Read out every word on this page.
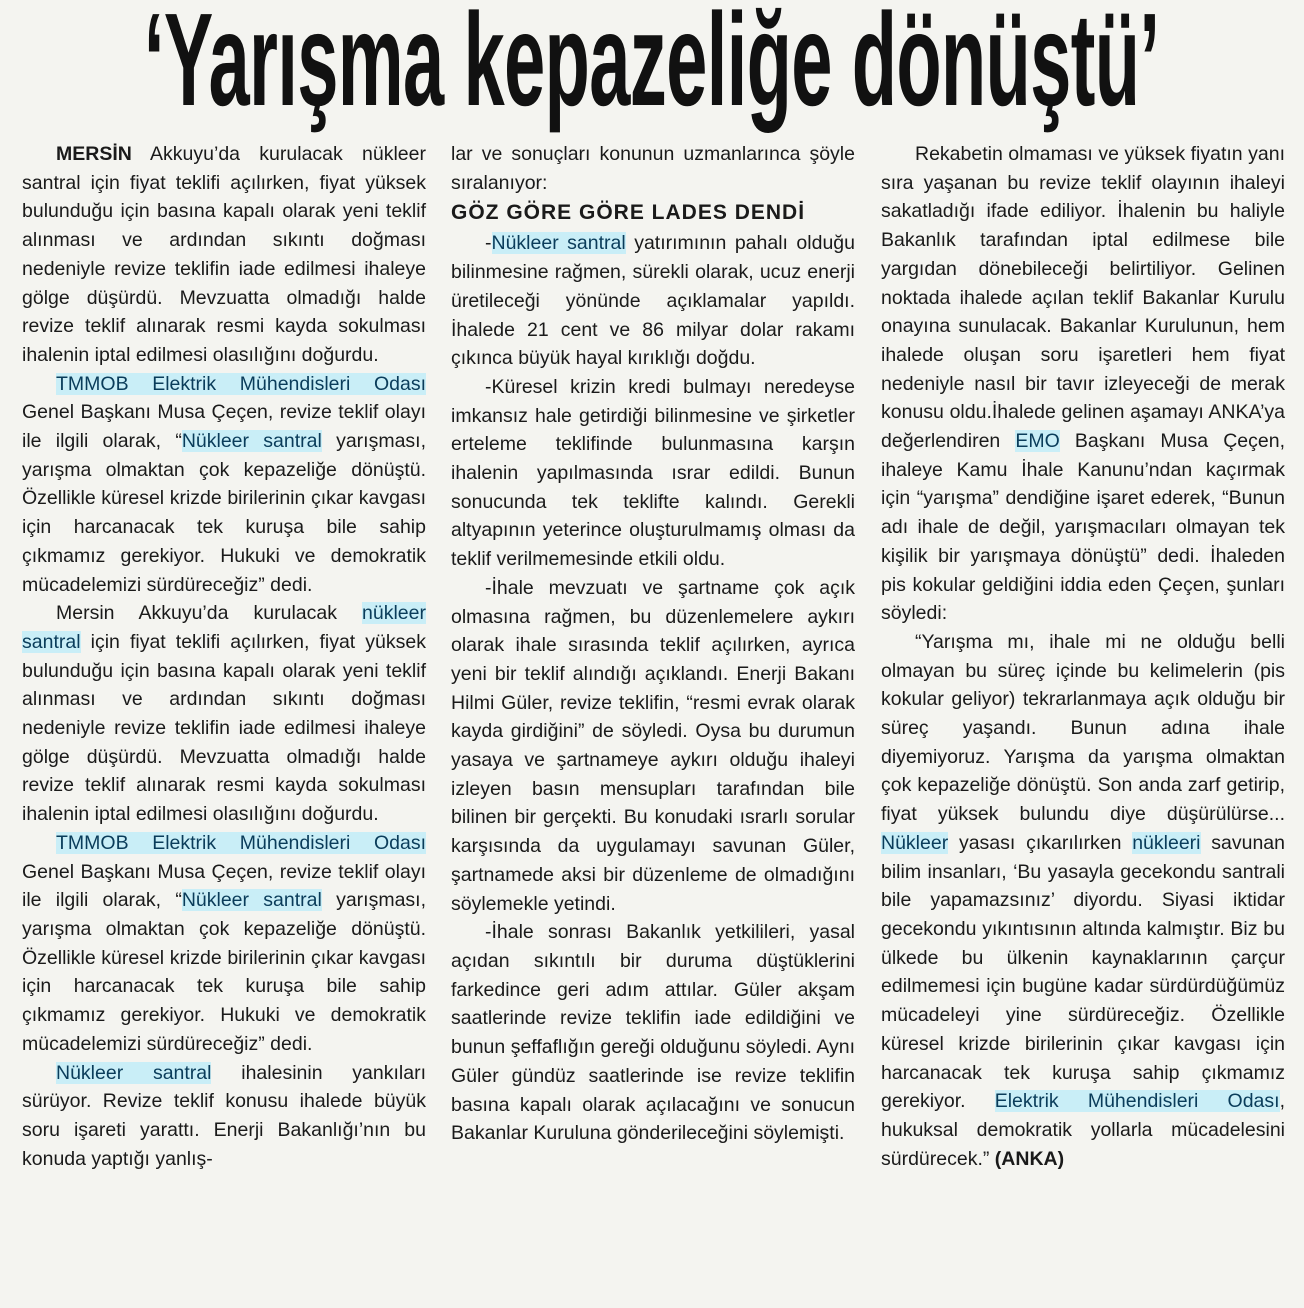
‘Yarışma kepazeliğe dönüştü’

MERSİN Akkuyu’da kurulacak nükleer santral için fiyat teklifi açılırken, fiyat yüksek bulunduğu için basına kapalı olarak yeni teklif alınması ve ardından sıkıntı doğması nedeniyle revize teklifin iade edilmesi ihaleye gölge düşürdü. Mevzuatta olmadığı halde revize teklif alınarak resmi kayda sokulması ihalenin iptal edilmesi olasılığını doğurdu.

TMMOB Elektrik Mühendisleri Odası Genel Başkanı Musa Çeçen, revize teklif olayı ile ilgili olarak, “Nükleer santral yarışması, yarışma olmaktan çok kepazeliğe dönüştü. Özellikle küresel krizde birilerinin çıkar kavgası için harcanacak tek kuruşa bile sahip çıkmamız gerekiyor. Hukuki ve demokratik mücadelemizi sürdüreceğiz” dedi.

Mersin Akkuyu’da kurulacak nükleer santral için fiyat teklifi açılırken, fiyat yüksek bulunduğu için basına kapalı olarak yeni teklif alınması ve ardından sıkıntı doğması nedeniyle revize teklifin iade edilmesi ihaleye gölge düşürdü. Mevzuatta olmadığı halde revize teklif alınarak resmi kayda sokulması ihalenin iptal edilmesi olasılığını doğurdu.

TMMOB Elektrik Mühendisleri Odası Genel Başkanı Musa Çeçen, revize teklif olayı ile ilgili olarak, “Nükleer santral yarışması, yarışma olmaktan çok kepazeliğe dönüştü. Özellikle küresel krizde birilerinin çıkar kavgası için harcanacak tek kuruşa bile sahip çıkmamız gerekiyor. Hukuki ve demokratik mücadelemizi sürdüreceğiz” dedi.

Nükleer santral ihalesinin yankıları sürüyor. Revize teklif konusu ihalede büyük soru işareti yarattı. Enerji Bakanlığı’nın bu konuda yaptığı yanlış-

lar ve sonuçları konunun uzmanlarınca şöyle sıralanıyor:

GÖZ GÖRE GÖRE LADES DENDİ

-Nükleer santral yatırımının pahalı olduğu bilinmesine rağmen, sürekli olarak, ucuz enerji üretileceği yönünde açıklamalar yapıldı. İhalede 21 cent ve 86 milyar dolar rakamı çıkınca büyük hayal kırıklığı doğdu.

-Küresel krizin kredi bulmayı neredeyse imkansız hale getirdiği bilinmesine ve şirketler erteleme teklifinde bulunmasına karşın ihalenin yapılmasında ısrar edildi. Bunun sonucunda tek teklifte kalındı. Gerekli altyapının yeterince oluşturulmamış olması da teklif verilmemesinde etkili oldu.

-İhale mevzuatı ve şartname çok açık olmasına rağmen, bu düzenlemelere aykırı olarak ihale sırasında teklif açılırken, ayrıca yeni bir teklif alındığı açıklandı. Enerji Bakanı Hilmi Güler, revize teklifin, “resmi evrak olarak kayda girdiğini” de söyledi. Oysa bu durumun yasaya ve şartnameye aykırı olduğu ihaleyi izleyen basın mensupları tarafından bile bilinen bir gerçekti. Bu konudaki ısrarlı sorular karşısında da uygulamayı savunan Güler, şartnamede aksi bir düzenleme de olmadığını söylemekle yetindi.

-İhale sonrası Bakanlık yetkilileri, yasal açıdan sıkıntılı bir duruma düştüklerini farkedince geri adım attılar. Güler akşam saatlerinde revize teklifin iade edildiğini ve bunun şeffaflığın gereği olduğunu söyledi. Aynı Güler gündüz saatlerinde ise revize teklifin basına kapalı olarak açılacağını ve sonucun Bakanlar Kuruluna gönderileceğini söylemişti.

Rekabetin olmaması ve yüksek fiyatın yanı sıra yaşanan bu revize teklif olayının ihaleyi sakatladığı ifade ediliyor. İhalenin bu haliyle Bakanlık tarafından iptal edilmese bile yargıdan dönebileceği belirtiliyor. Gelinen noktada ihalede açılan teklif Bakanlar Kurulu onayına sunulacak. Bakanlar Kurulunun, hem ihalede oluşan soru işaretleri hem fiyat nedeniyle nasıl bir tavır izleyeceği de merak konusu oldu.İhalede gelinen aşamayı ANKA’ya değerlendiren EMO Başkanı Musa Çeçen, ihaleye Kamu İhale Kanunu’ndan kaçırmak için “yarışma” dendiğine işaret ederek, “Bunun adı ihale de değil, yarışmacıları olmayan tek kişilik bir yarışmaya dönüştü” dedi. İhaleden pis kokular geldiğini iddia eden Çeçen, şunları söyledi:

“Yarışma mı, ihale mi ne olduğu belli olmayan bu süreç içinde bu kelimelerin (pis kokular geliyor) tekrarlanmaya açık olduğu bir süreç yaşandı. Bunun adına ihale diyemiyoruz. Yarışma da yarışma olmaktan çok kepazeliğe dönüştü. Son anda zarf getirip, fiyat yüksek bulundu diye düşürülürse... Nükleer yasası çıkarılırken nükleeri savunan bilim insanları, ‘Bu yasayla gecekondu santrali bile yapamazsınız’ diyordu. Siyasi iktidar gecekondu yıkıntısının altında kalmıştır. Biz bu ülkede bu ülkenin kaynaklarının çarçur edilmemesi için bugüne kadar sürdürdüğümüz mücadeleyi yine sürdüreceğiz. Özellikle küresel krizde birilerinin çıkar kavgası için harcanacak tek kuruşa sahip çıkmamız gerekiyor. Elektrik Mühendisleri Odası, hukuksal demokratik yollarla mücadelesini sürdürecek.” (ANKA)
